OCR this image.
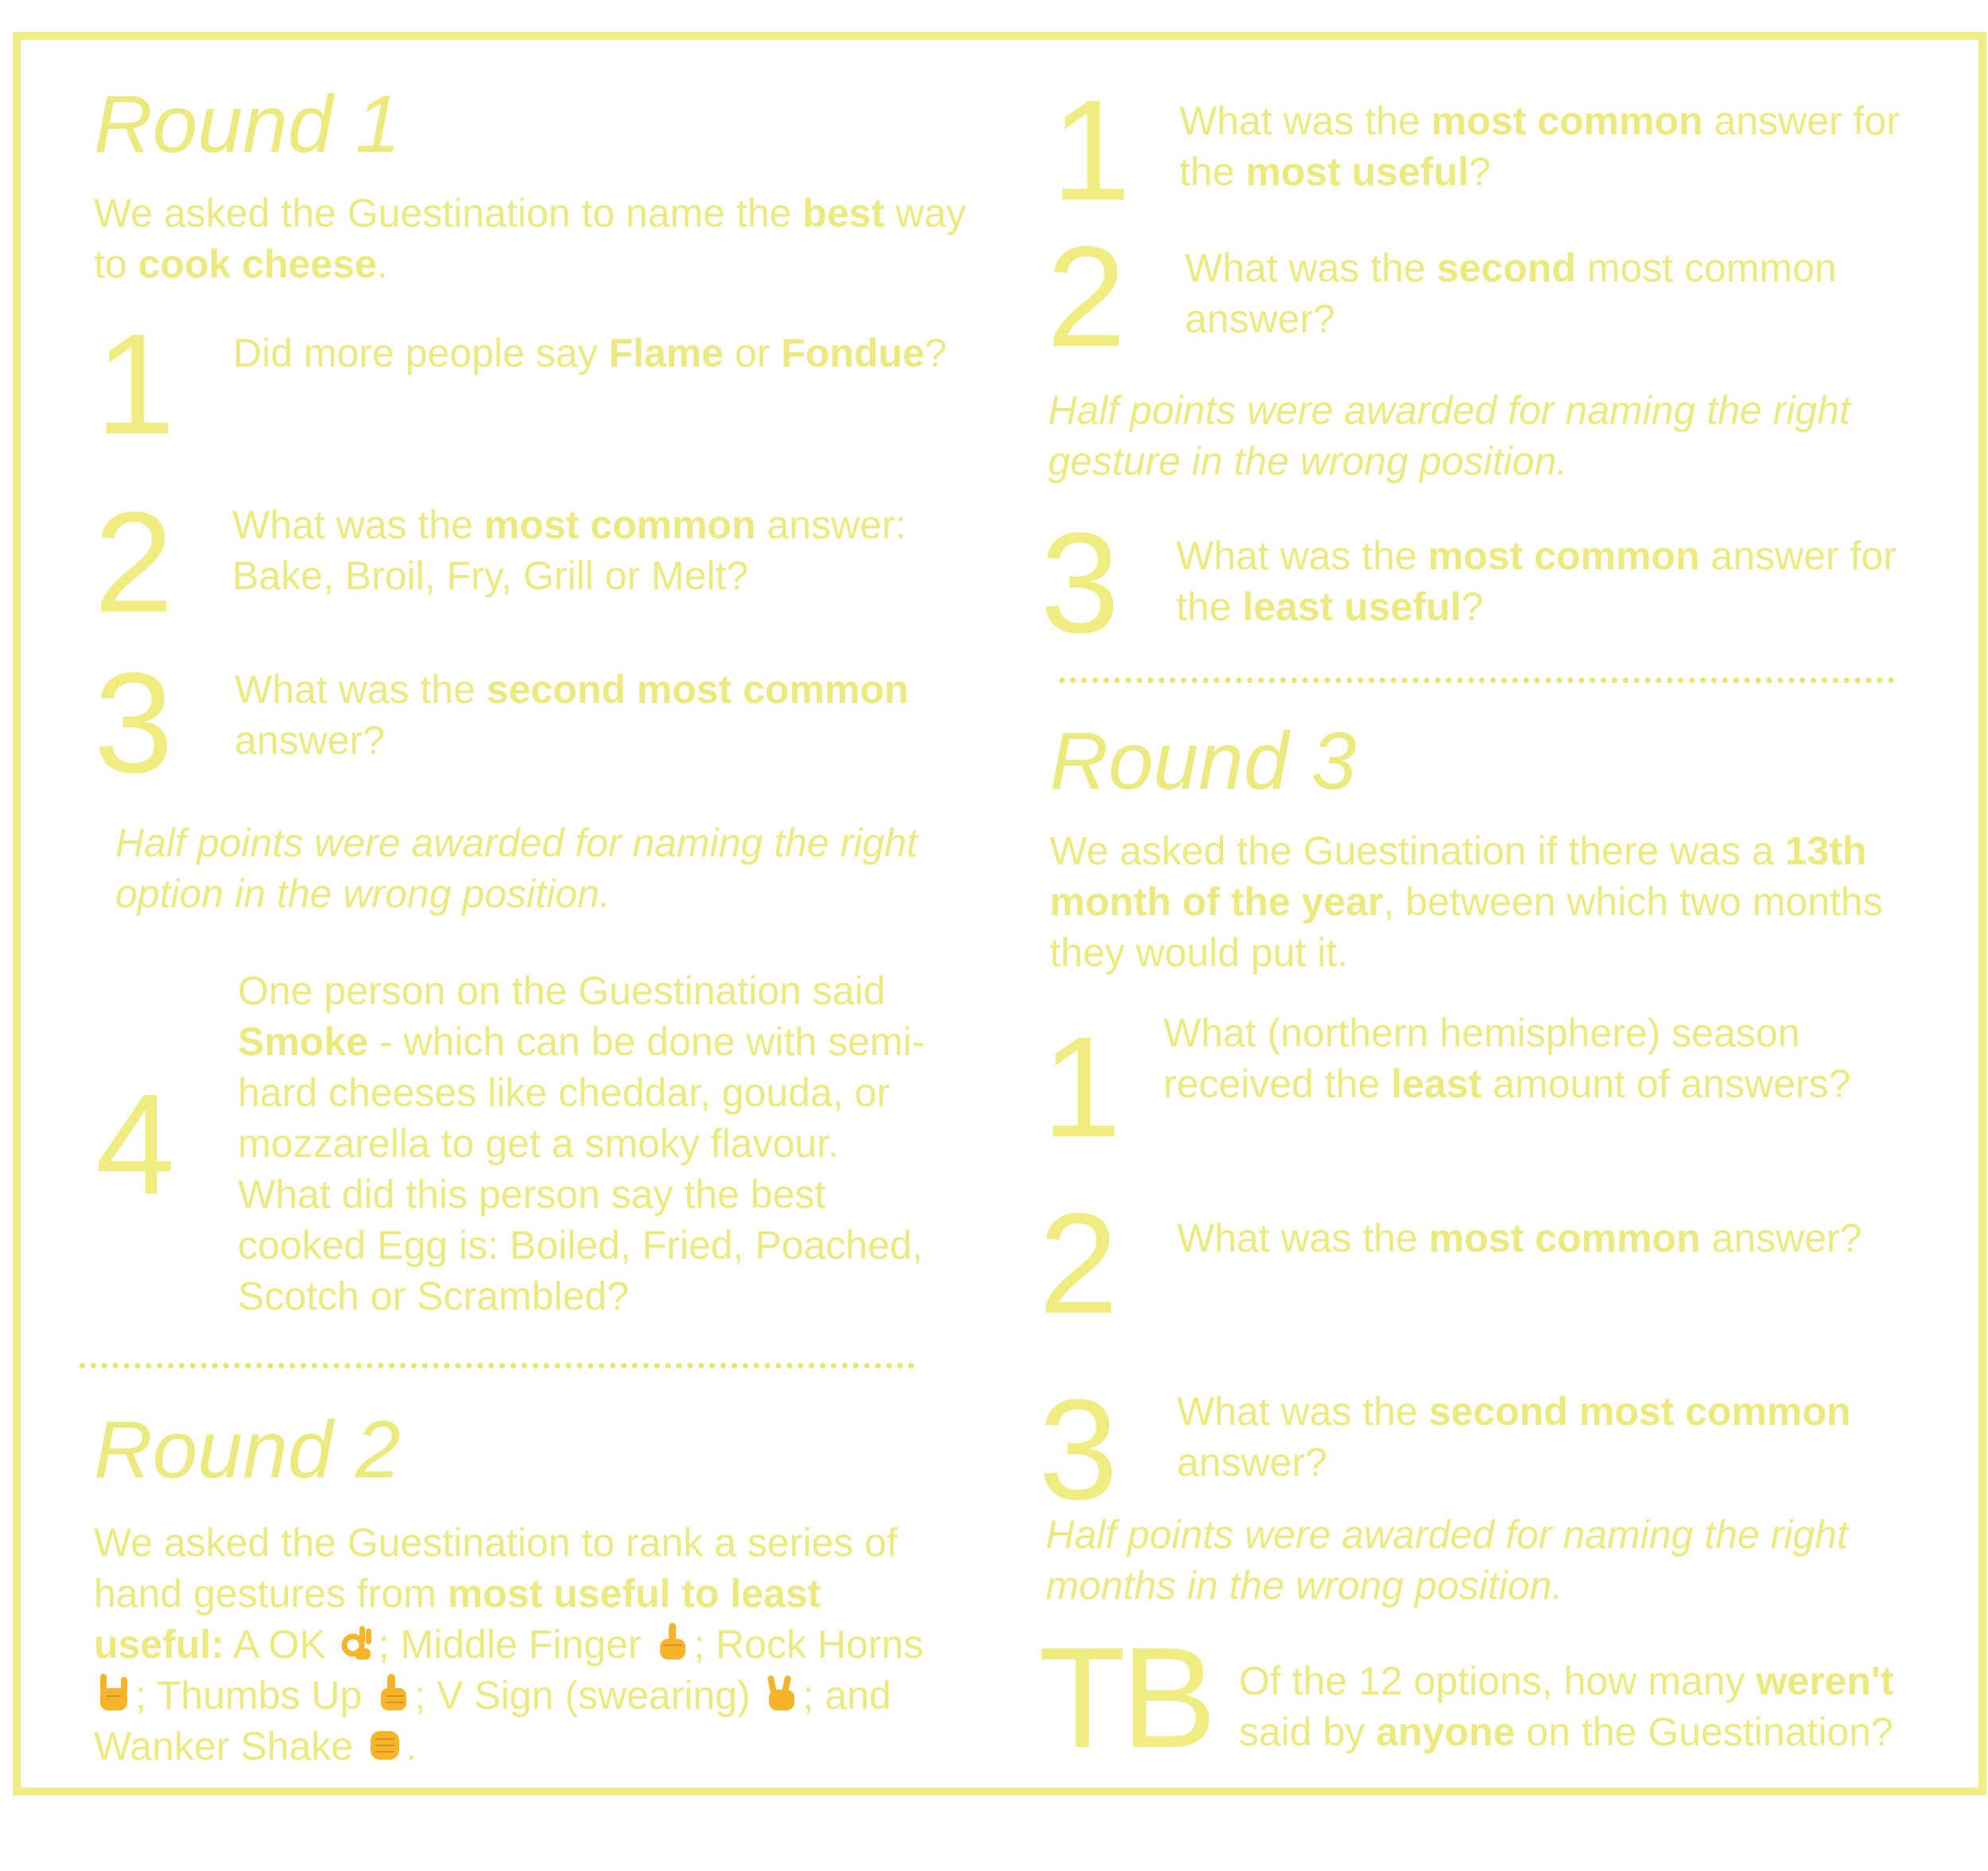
Round 1
We asked the Guestination to name the best way to cook cheese.
1 Did more people say Flame or Fondue?
2 What was the most common answer: Bake, Broil, Fry, Grill or Melt?
3 What was the second most common answer?
Half points were awarded for naming the right option in the wrong position.
4
One person on the Guestination said Smoke - which can be done with semi-hard cheeses like cheddar, gouda, or mozzarella to get a smoky flavour. What did this person say the best cooked Egg is: Boiled, Fried, Poached, Scotch or Scrambled?
Round 2
We asked the Guestination to rank a series of hand gestures from most useful to least useful: A OK
; Middle Finger
; Rock Horns
; Thumbs Up
; V Sign (swearing)
; and Wanker Shake
.
1 What was the most common answer for the most useful?
2 What was the second most common answer?
Half points were awarded for naming the right gesture in the wrong position.
3 What was the most common answer for the least useful?
Round 3
We asked the Guestination if there was a 13th month of the year, between which two months they would put it.
1 What (northern hemisphere) season received the least amount of answers?
2 What was the most common answer?
3 What was the second most common answer?
Half points were awarded for naming the right months in the wrong position.
TB Of the 12 options, how many weren't said by anyone on the Guestination?
